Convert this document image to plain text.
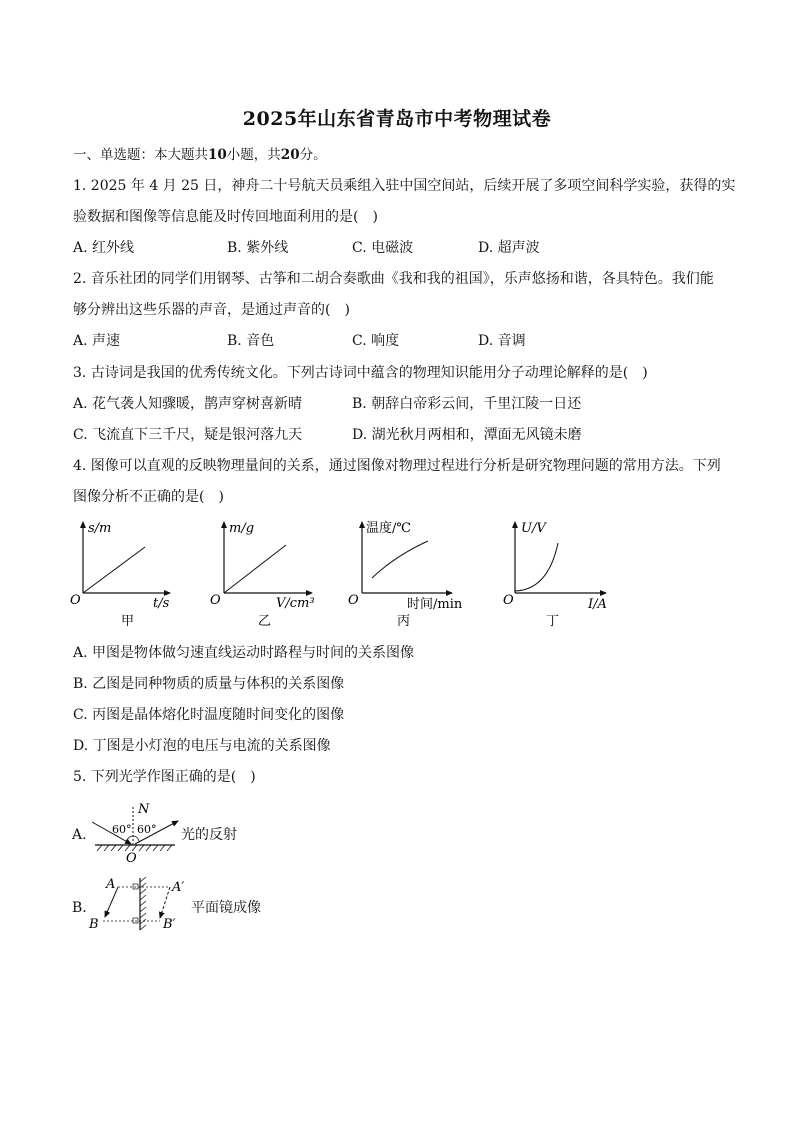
2025年山东省青岛市中考物理试卷
一、单选题：本大题共10小题，共20分。
1. 2025 年 4 月 25 日，神舟二十号航天员乘组入驻中国空间站，后续开展了多项空间科学实验，获得的实
验数据和图像等信息能及时传回地面利用的是(　)
A. 红外线	B. 紫外线	C. 电磁波	D. 超声波
2. 音乐社团的同学们用钢琴、古筝和二胡合奏歌曲《我和我的祖国》，乐声悠扬和谐，各具特色。我们能
够分辨出这些乐器的声音，是通过声音的(　)
A. 声速	B. 音色	C. 响度	D. 音调
3. 古诗词是我国的优秀传统文化。下列古诗词中蕴含的物理知识能用分子动理论解释的是(　)
A. 花气袭人知骤暖，鹊声穿树喜新晴	B. 朝辞白帝彩云间，千里江陵一日还
C. 飞流直下三千尺，疑是银河落九天	D. 湖光秋月两相和，潭面无风镜未磨
4. 图像可以直观的反映物理量间的关系，通过图像对物理过程进行分析是研究物理问题的常用方法。下列
图像分析不正确的是(　)
s/m
t/s
O
甲
m/g
V/cm³
O
乙
温度/℃
时间/min
O
丙
U/V
I/A
O
丁
N
60° 60°
O
A
B
A′
B′
A. 甲图是物体做匀速直线运动时路程与时间的关系图像
B. 乙图是同种物质的质量与体积的关系图像
C. 丙图是晶体熔化时温度随时间变化的图像
D. 丁图是小灯泡的电压与电流的关系图像
5. 下列光学作图正确的是(　)
A.	光的反射
B.	平面镜成像
